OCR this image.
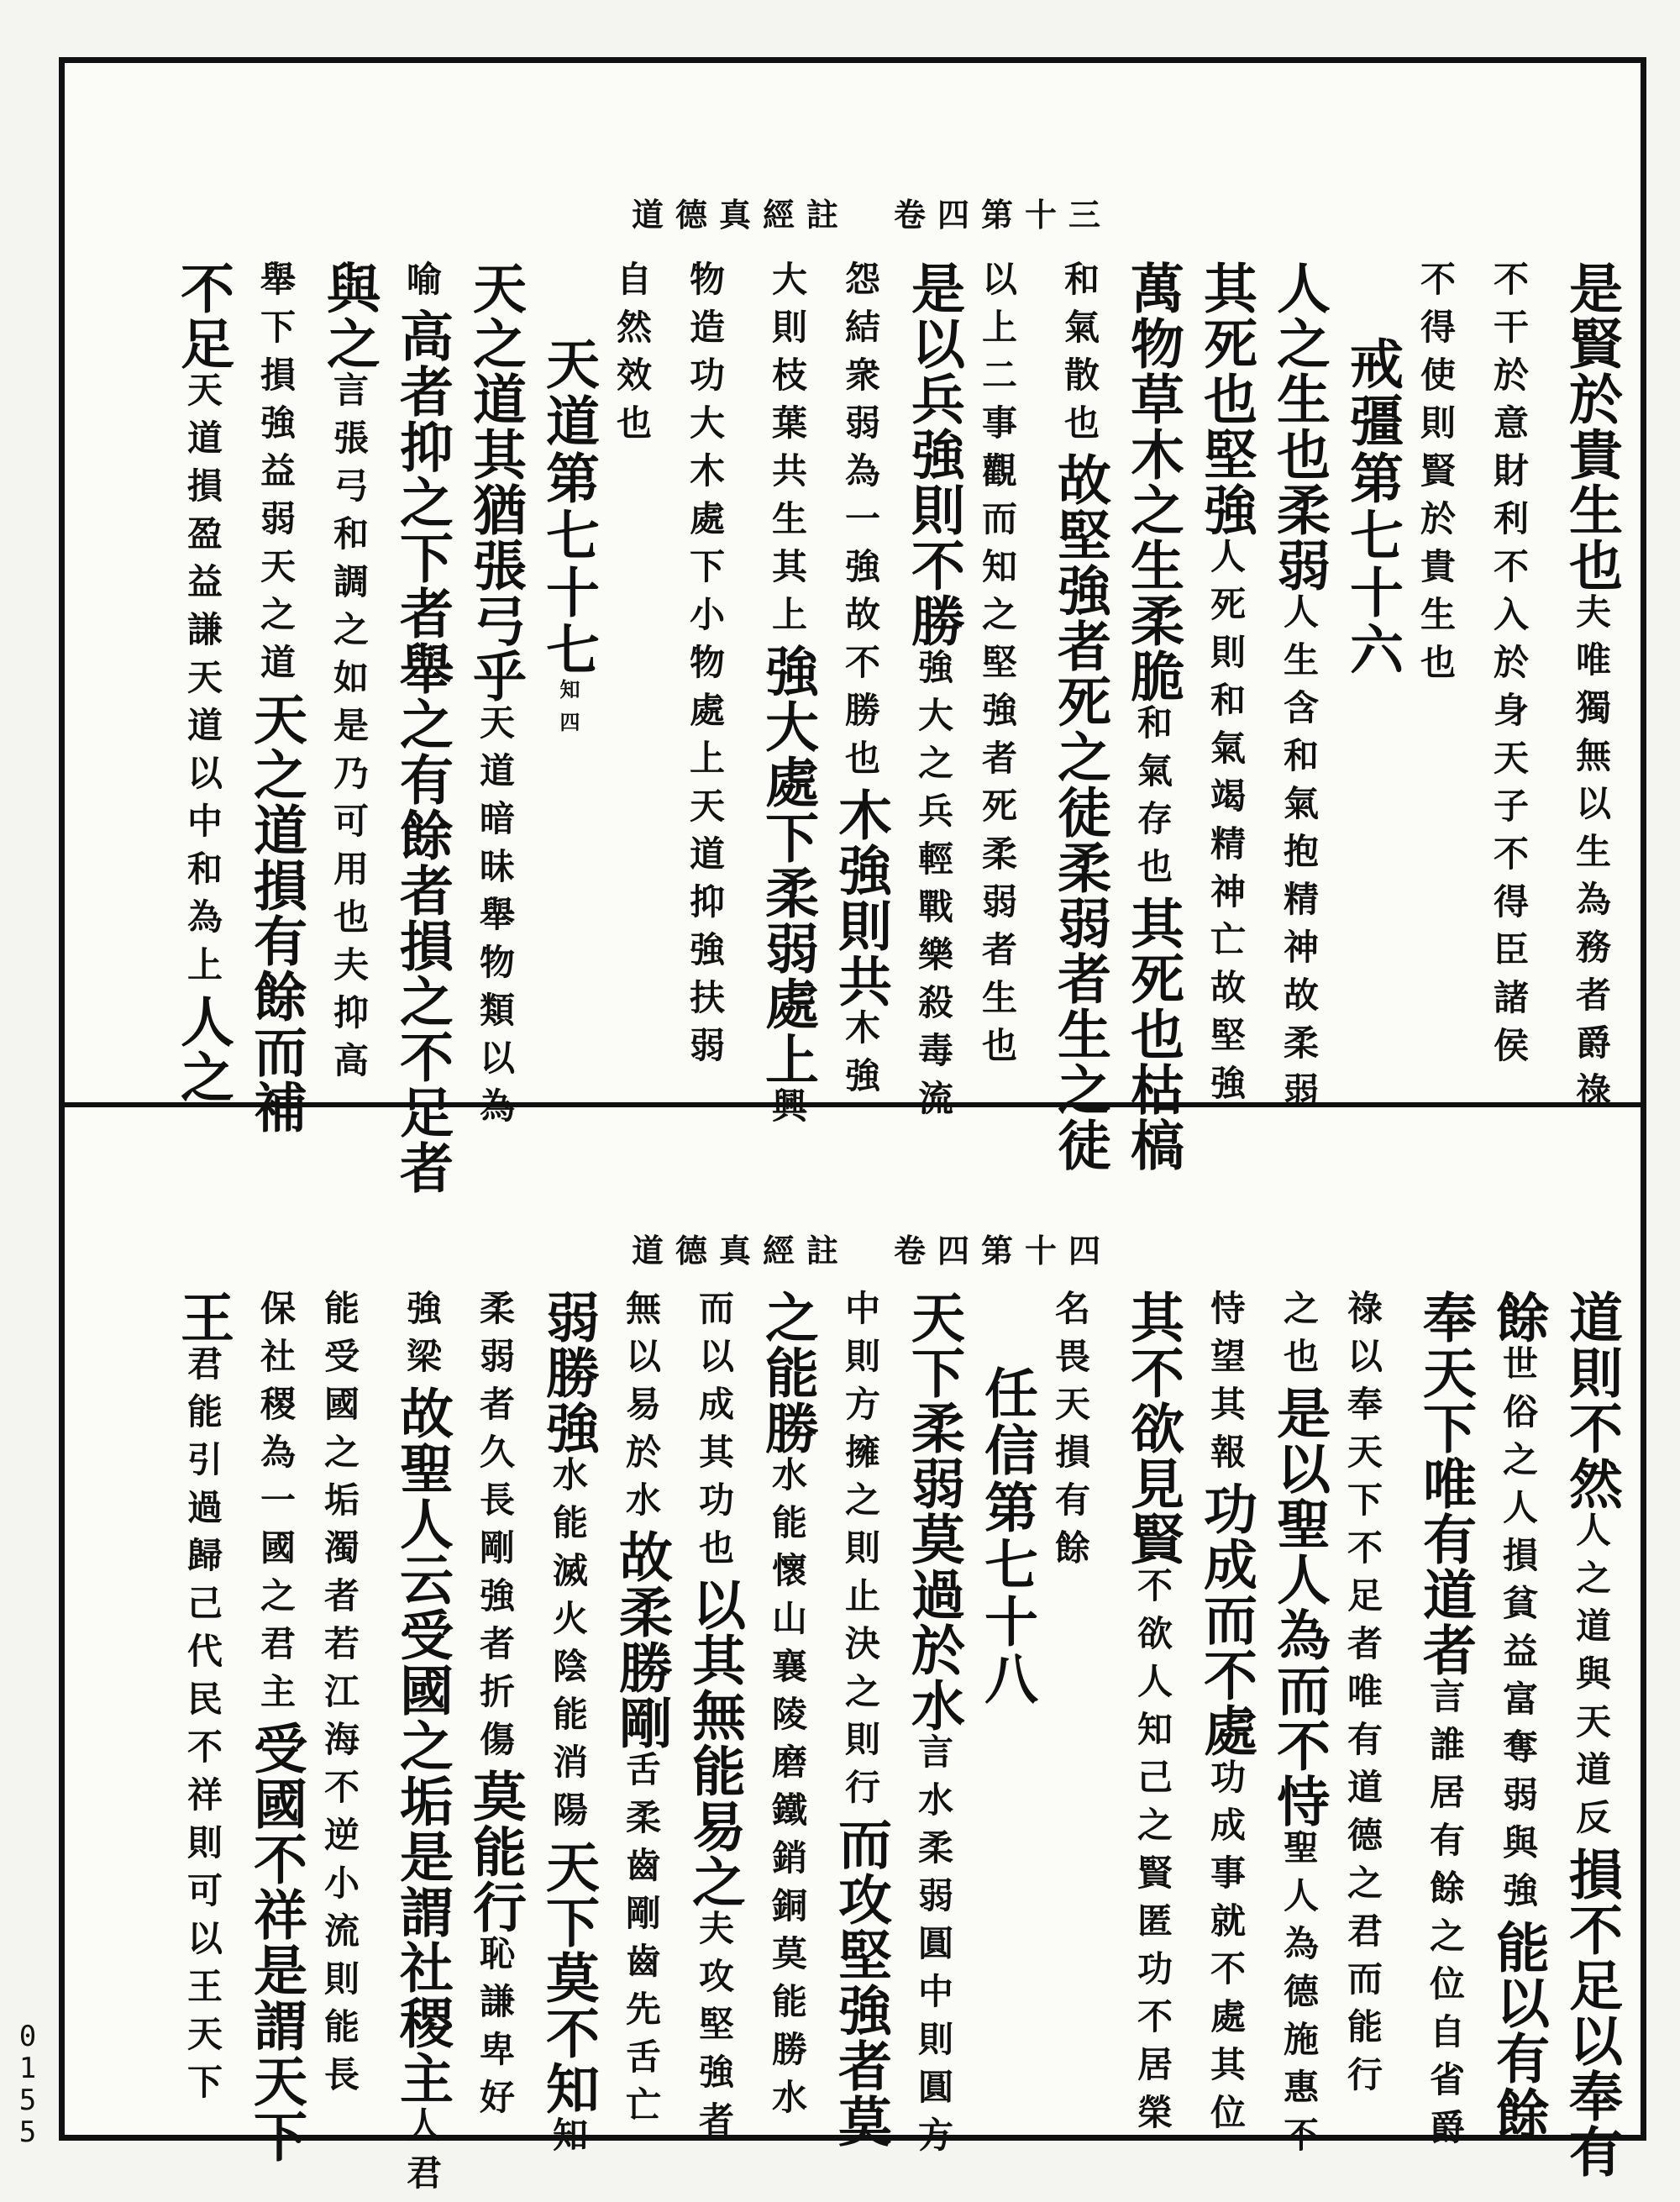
道德真經註　卷四第十三
道德真經註　卷四第十四
是賢於貴生也夫唯獨無以生為務者爵祿
不干於意財利不入於身天子不得臣諸侯
不得使則賢於貴生也
戒彊第七十六
人之生也柔弱人生含和氣抱精神故柔弱
其死也堅強人死則和氣竭精神亡故堅強
萬物草木之生柔脆和氣存也其死也枯槁
和氣散也故堅強者死之徒柔弱者生之徒
以上二事觀而知之堅強者死柔弱者生也
是以兵強則不勝強大之兵輕戰樂殺毒流
怨結衆弱為一強故不勝也木強則共木強
大則枝葉共生其上強大處下柔弱處上興
物造功大木處下小物處上天道抑強扶弱
自然效也
天道第七十七知四
天之道其猶張弓乎天道暗昧舉物類以為
喻高者抑之下者舉之有餘者損之不足者
與之言張弓和調之如是乃可用也夫抑高
舉下損強益弱天之道天之道損有餘而補
不足天道損盈益謙天道以中和為上人之
道則不然人之道與天道反損不足以奉有
餘世俗之人損貧益富奪弱與強能以有餘
奉天下唯有道者言誰居有餘之位自省爵
祿以奉天下不足者唯有道德之君而能行
之也是以聖人為而不恃聖人為德施惠不
恃望其報功成而不處功成事就不處其位
其不欲見賢不欲人知己之賢匿功不居榮
名畏天損有餘
任信第七十八
天下柔弱莫過於水言水柔弱圓中則圓方
中則方擁之則止決之則行而攻堅強者莫
之能勝水能懷山襄陵磨鐵銷銅莫能勝水
而以成其功也以其無能易之夫攻堅強者
無以易於水故柔勝剛舌柔齒剛齒先舌亡
弱勝強水能滅火陰能消陽天下莫不知知
柔弱者久長剛強者折傷莫能行恥謙卑好
強梁故聖人云受國之垢是謂社稷主人君
能受國之垢濁者若江海不逆小流則能長
保社稷為一國之君主受國不祥是謂天下
王君能引過歸己代民不祥則可以王天下
0
1
5
5
